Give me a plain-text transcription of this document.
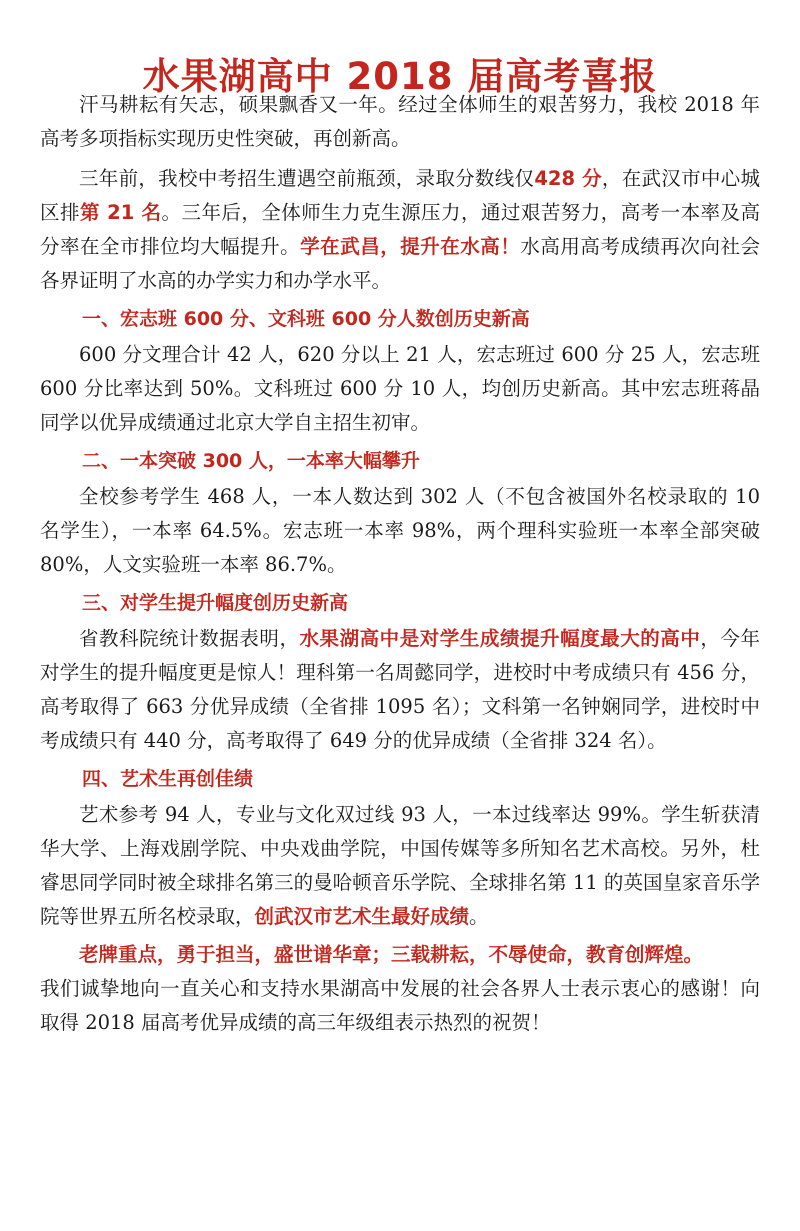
水果湖高中 2018 届高考喜报

汗马耕耘有矢志，硕果飘香又一年。经过全体师生的艰苦努力，我校 2018 年高考多项指标实现历史性突破，再创新高。

三年前，我校中考招生遭遇空前瓶颈，录取分数线仅428 分，在武汉市中心城区排第 21 名。三年后，全体师生力克生源压力，通过艰苦努力，高考一本率及高分率在全市排位均大幅提升。学在武昌，提升在水高！水高用高考成绩再次向社会各界证明了水高的办学实力和办学水平。

一、宏志班 600 分、文科班 600 分人数创历史新高

600 分文理合计 42 人，620 分以上 21 人，宏志班过 600 分 25 人，宏志班 600 分比率达到 50%。文科班过 600 分 10 人，均创历史新高。其中宏志班蒋晶同学以优异成绩通过北京大学自主招生初审。

二、一本突破 300 人，一本率大幅攀升

全校参考学生 468 人，一本人数达到 302 人（不包含被国外名校录取的 10 名学生），一本率 64.5%。宏志班一本率 98%，两个理科实验班一本率全部突破 80%，人文实验班一本率 86.7%。

三、对学生提升幅度创历史新高

省教科院统计数据表明，水果湖高中是对学生成绩提升幅度最大的高中，今年对学生的提升幅度更是惊人！理科第一名周懿同学，进校时中考成绩只有 456 分，高考取得了 663 分优异成绩（全省排 1095 名）；文科第一名钟娴同学，进校时中考成绩只有 440 分，高考取得了 649 分的优异成绩（全省排 324 名）。

四、艺术生再创佳绩

艺术参考 94 人，专业与文化双过线 93 人，一本过线率达 99%。学生斩获清华大学、上海戏剧学院、中央戏曲学院，中国传媒等多所知名艺术高校。另外，杜睿思同学同时被全球排名第三的曼哈顿音乐学院、全球排名第 11 的英国皇家音乐学院等世界五所名校录取，创武汉市艺术生最好成绩。

老牌重点，勇于担当，盛世谱华章；三载耕耘，不辱使命，教育创辉煌。

我们诚挚地向一直关心和支持水果湖高中发展的社会各界人士表示衷心的感谢！向取得 2018 届高考优异成绩的高三年级组表示热烈的祝贺！
